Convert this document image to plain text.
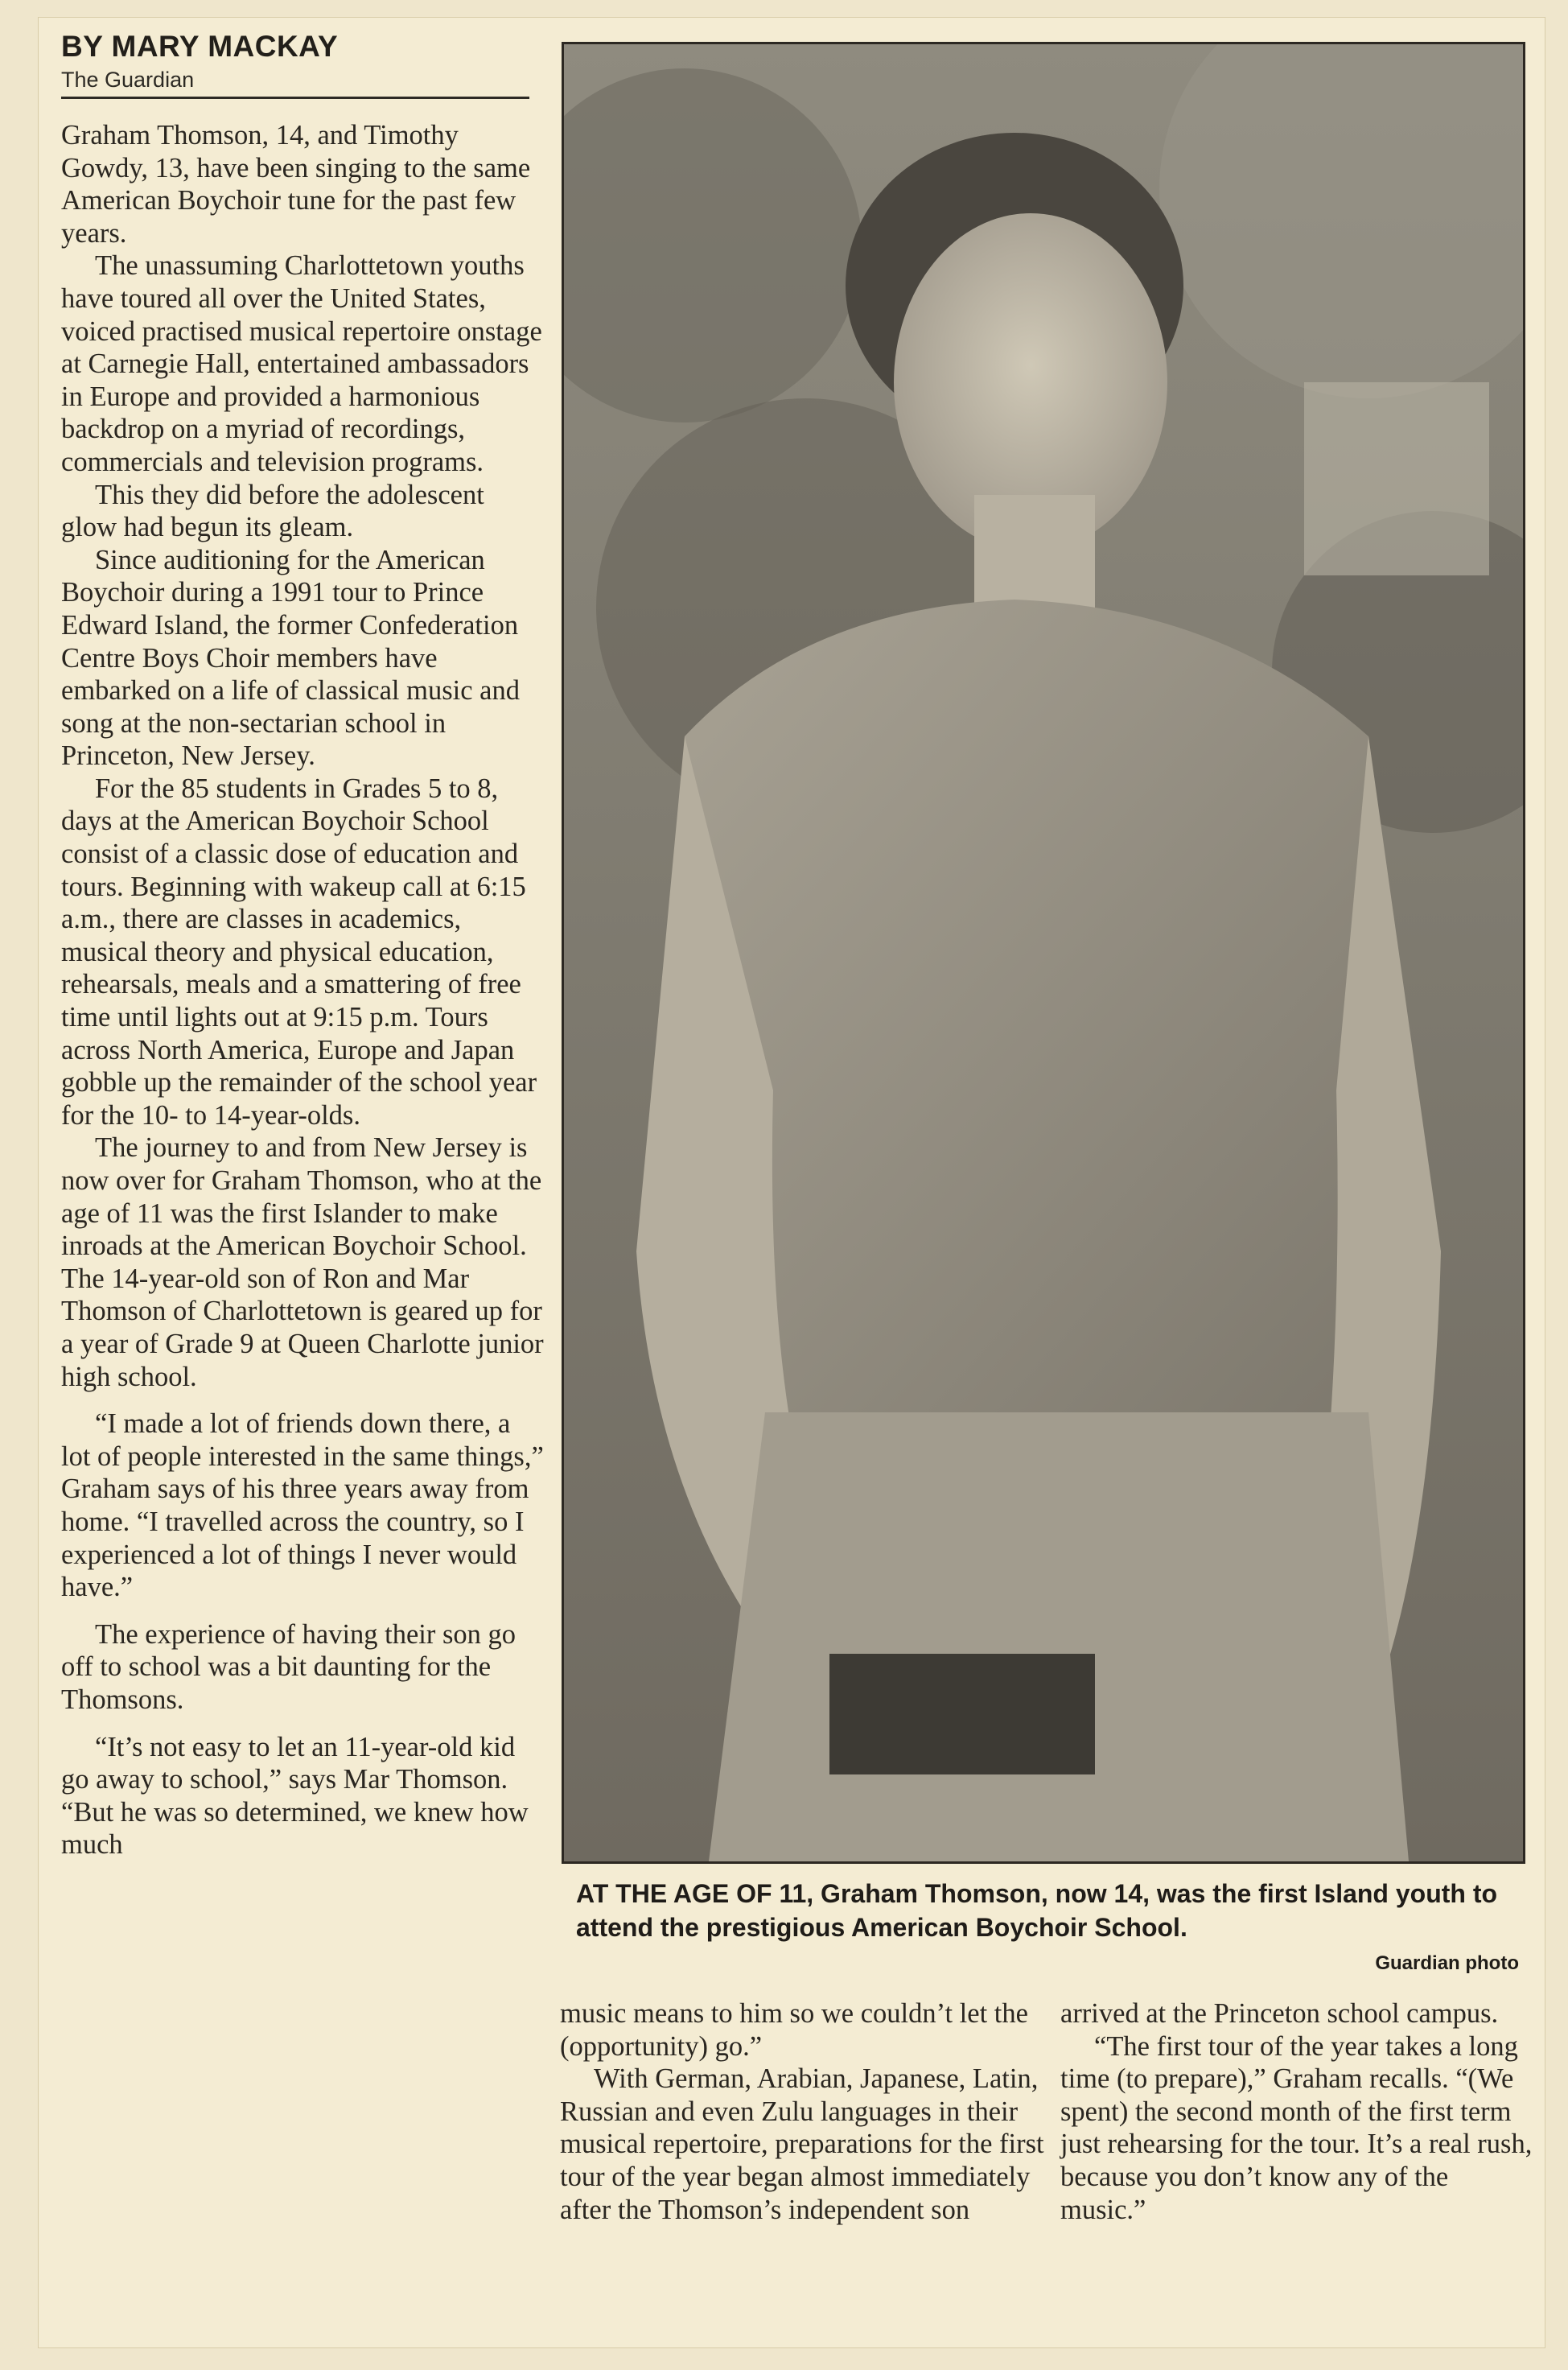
BY MARY MACKAY
The Guardian

Graham Thomson, 14, and Timothy Gowdy, 13, have been singing to the same American Boychoir tune for the past few years.

The unassuming Charlottetown youths have toured all over the United States, voiced practised musical repertoire onstage at Carnegie Hall, entertained ambassadors in Europe and provided a harmonious backdrop on a myriad of recordings, commercials and television programs.

This they did before the adolescent glow had begun its gleam.

Since auditioning for the American Boychoir during a 1991 tour to Prince Edward Island, the former Confederation Centre Boys Choir members have embarked on a life of classical music and song at the non-sectarian school in Princeton, New Jersey.

For the 85 students in Grades 5 to 8, days at the American Boychoir School consist of a classic dose of education and tours. Beginning with wakeup call at 6:15 a.m., there are classes in academics, musical theory and physical education, rehearsals, meals and a smattering of free time until lights out at 9:15 p.m. Tours across North America, Europe and Japan gobble up the remainder of the school year for the 10- to 14-year-olds.

The journey to and from New Jersey is now over for Graham Thomson, who at the age of 11 was the first Islander to make inroads at the American Boychoir School. The 14-year-old son of Ron and Mar Thomson of Charlottetown is geared up for a year of Grade 9 at Queen Charlotte junior high school.

“I made a lot of friends down there, a lot of people interested in the same things,” Graham says of his three years away from home. “I travelled across the country, so I experienced a lot of things I never would have.”

The experience of having their son go off to school was a bit daunting for the Thomsons.

“It’s not easy to let an 11-year-old kid go away to school,” says Mar Thomson. “But he was so determined, we knew how much

AT THE AGE OF 11, Graham Thomson, now 14, was the first Island youth to attend the prestigious American Boychoir School.
Guardian photo

music means to him so we couldn’t let the (opportunity) go.”

With German, Arabian, Japanese, Latin, Russian and even Zulu languages in their musical repertoire, preparations for the first tour of the year began almost immediately after the Thomson’s independent son

arrived at the Princeton school campus.

“The first tour of the year takes a long time (to prepare),” Graham recalls. “(We spent) the second month of the first term just rehearsing for the tour. It’s a real rush, because you don’t know any of the music.”
